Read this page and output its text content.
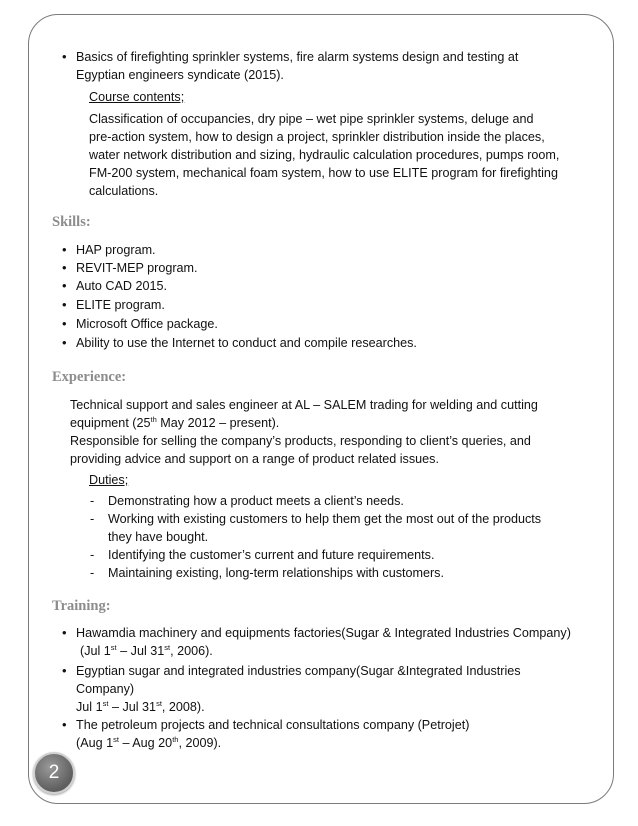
• Basics of firefighting sprinkler systems, fire alarm systems design and testing at
Egyptian engineers syndicate (2015).
Course contents;
Classification of occupancies, dry pipe – wet pipe sprinkler systems, deluge and
pre-action system, how to design a project, sprinkler distribution inside the places,
water network distribution and sizing, hydraulic calculation procedures, pumps room,
FM-200 system, mechanical foam system, how to use ELITE program for firefighting
calculations.
Skills:
• HAP program.
• REVIT-MEP program.
• Auto CAD 2015.
• ELITE program.
• Microsoft Office package.
• Ability to use the Internet to conduct and compile researches.
Experience:
Technical support and sales engineer at AL – SALEM trading for welding and cutting
equipment (25th May 2012 – present).
Responsible for selling the company’s products, responding to client’s queries, and
providing advice and support on a range of product related issues.
Duties;
- Demonstrating how a product meets a client’s needs.
- Working with existing customers to help them get the most out of the products
they have bought.
- Identifying the customer’s current and future requirements.
- Maintaining existing, long-term relationships with customers.
Training:
• Hawamdia machinery and equipments factories(Sugar & Integrated Industries Company)
(Jul 1st – Jul 31st, 2006).
• Egyptian sugar and integrated industries company(Sugar &Integrated Industries
Company)
Jul 1st – Jul 31st, 2008).
• The petroleum projects and technical consultations company (Petrojet)
(Aug 1st – Aug 20th, 2009).
2
